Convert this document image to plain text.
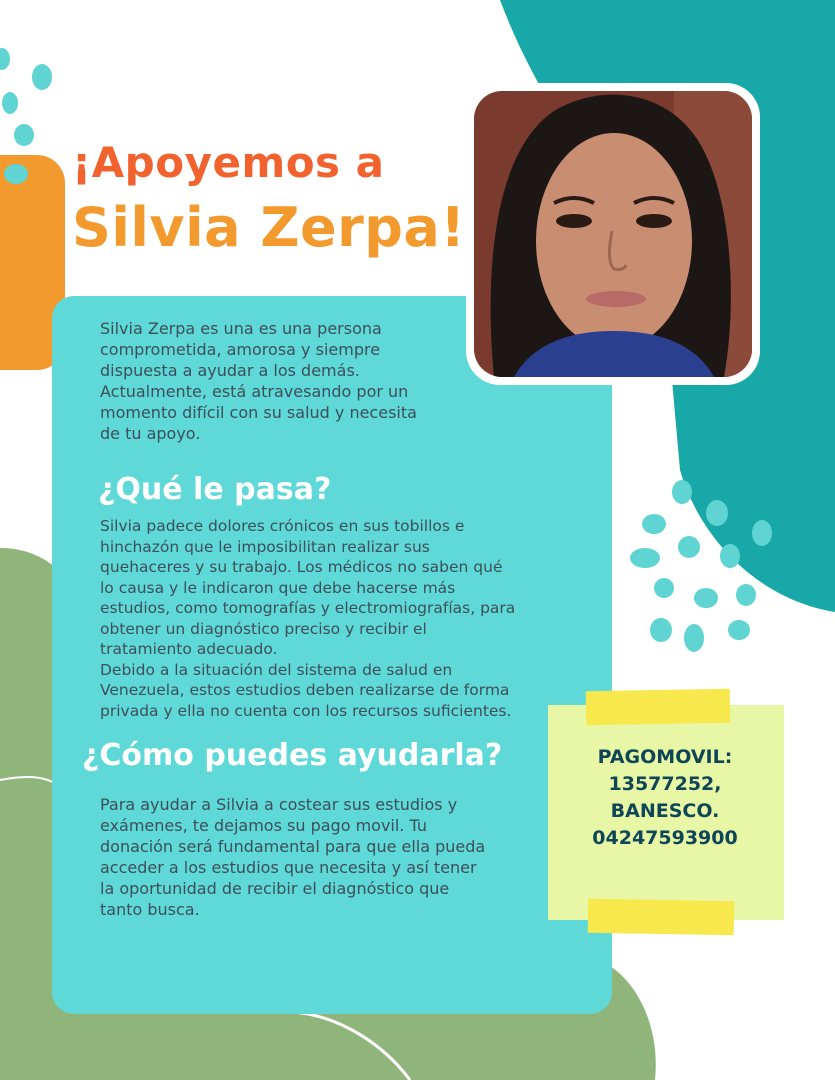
¡Apoyemos a
Silvia Zerpa!
Silvia Zerpa es una es una persona
comprometida, amorosa y siempre
dispuesta a ayudar a los demás.
Actualmente, está atravesando por un
momento difícil con su salud y necesita
de tu apoyo.
¿Qué le pasa?
Silvia padece dolores crónicos en sus tobillos e
hinchazón que le imposibilitan realizar sus
quehaceres y su trabajo. Los médicos no saben qué
lo causa y le indicaron que debe hacerse más
estudios, como tomografías y electromiografías, para
obtener un diagnóstico preciso y recibir el
tratamiento adecuado.
Debido a la situación del sistema de salud en
Venezuela, estos estudios deben realizarse de forma
privada y ella no cuenta con los recursos suficientes.
¿Cómo puedes ayudarla?
Para ayudar a Silvia a costear sus estudios y
exámenes, te dejamos su pago movil. Tu
donación será fundamental para que ella pueda
acceder a los estudios que necesita y así tener
la oportunidad de recibir el diagnóstico que
tanto busca.
PAGOMOVIL:
13577252,
BANESCO.
04247593900
